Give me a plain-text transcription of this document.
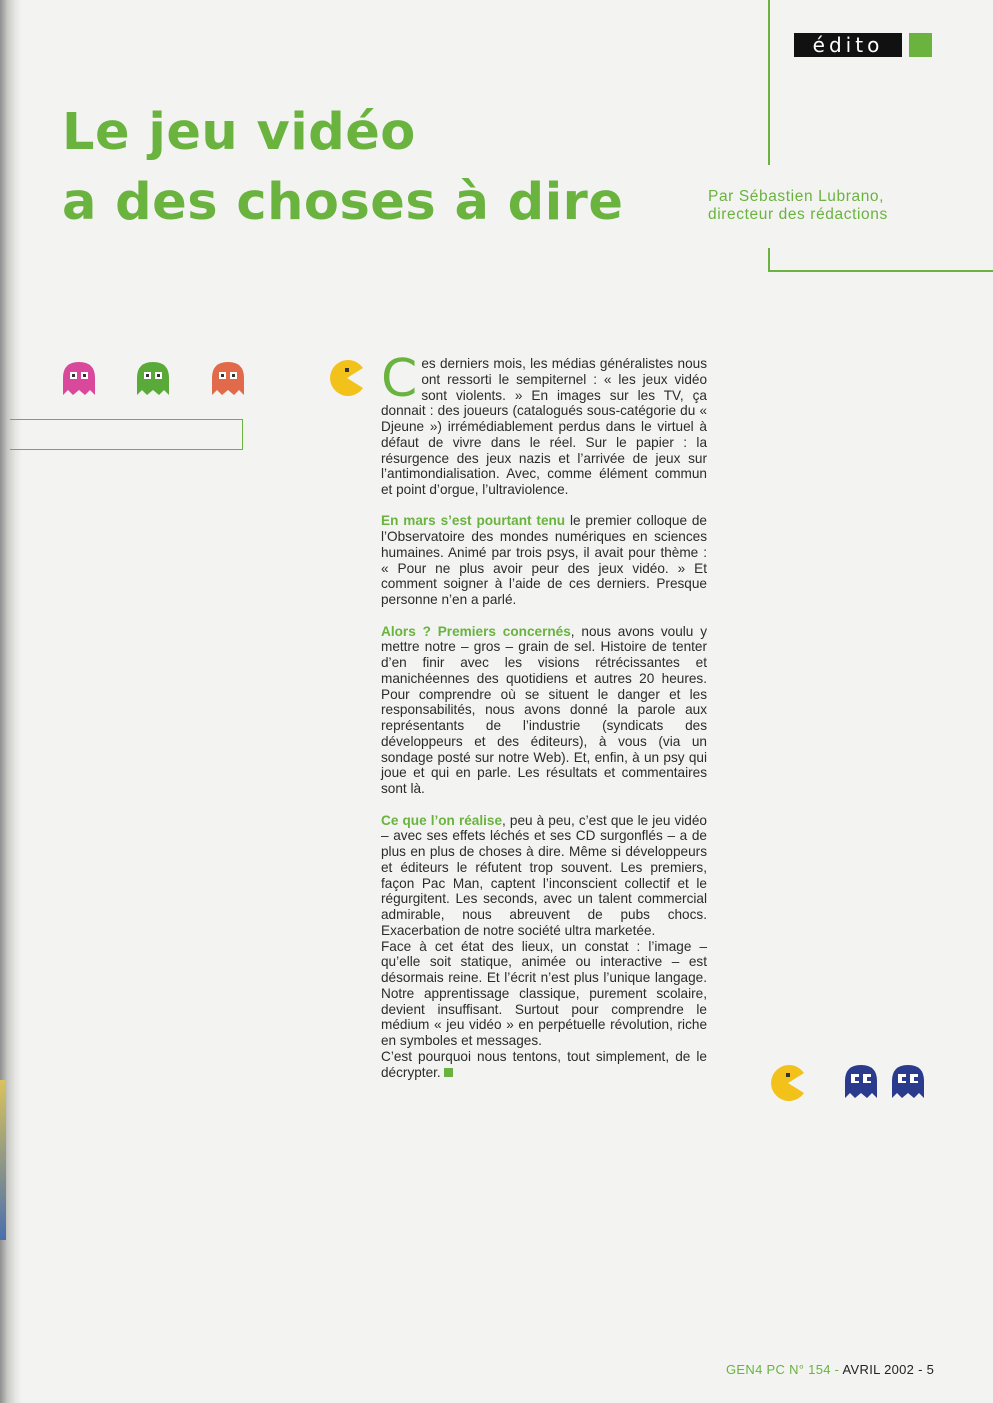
édito
Le jeu vidéo
a des choses à dire	Par Sébastien Lubrano,
directeur des rédactions

Ces derniers mois, les médias généralistes nous ont ressorti le sempiternel : « les jeux vidéo sont violents. » En images sur les TV, ça donnait : des joueurs (catalogués sous-catégorie du « Djeune ») irrémédiablement perdus dans le virtuel à défaut de vivre dans le réel. Sur le papier : la résurgence des jeux nazis et l’arrivée de jeux sur l’antimondialisation. Avec, comme élément commun et point d’orgue, l’ultraviolence.

En mars s’est pourtant tenu le premier colloque de l’Observatoire des mondes numériques en sciences humaines. Animé par trois psys, il avait pour thème : « Pour ne plus avoir peur des jeux vidéo. » Et comment soigner à l’aide de ces derniers. Presque personne n’en a parlé.

Alors ? Premiers concernés, nous avons voulu y mettre notre – gros – grain de sel. Histoire de tenter d’en finir avec les visions rétrécissantes et manichéennes des quotidiens et autres 20 heures. Pour comprendre où se situent le danger et les responsabilités, nous avons donné la parole aux représentants de l’industrie (syndicats des développeurs et des éditeurs), à vous (via un sondage posté sur notre Web). Et, enfin, à un psy qui joue et qui en parle. Les résultats et commentaires sont là.

Ce que l’on réalise, peu à peu, c’est que le jeu vidéo – avec ses effets léchés et ses CD surgonflés – a de plus en plus de choses à dire. Même si développeurs et éditeurs le réfutent trop souvent. Les premiers, façon Pac Man, captent l’inconscient collectif et le régurgitent. Les seconds, avec un talent commercial admirable, nous abreuvent de pubs chocs. Exacerbation de notre société ultra marketée.

Face à cet état des lieux, un constat : l’image – qu’elle soit statique, animée ou interactive – est désormais reine. Et l’écrit n’est plus l’unique langage. Notre apprentissage classique, purement scolaire, devient insuffisant. Surtout pour comprendre le médium « jeu vidéo » en perpétuelle révolution, riche en symboles et messages.

C’est pourquoi nous tentons, tout simplement, de le décrypter.

GEN4 PC N° 154 - AVRIL 2002 - 5
